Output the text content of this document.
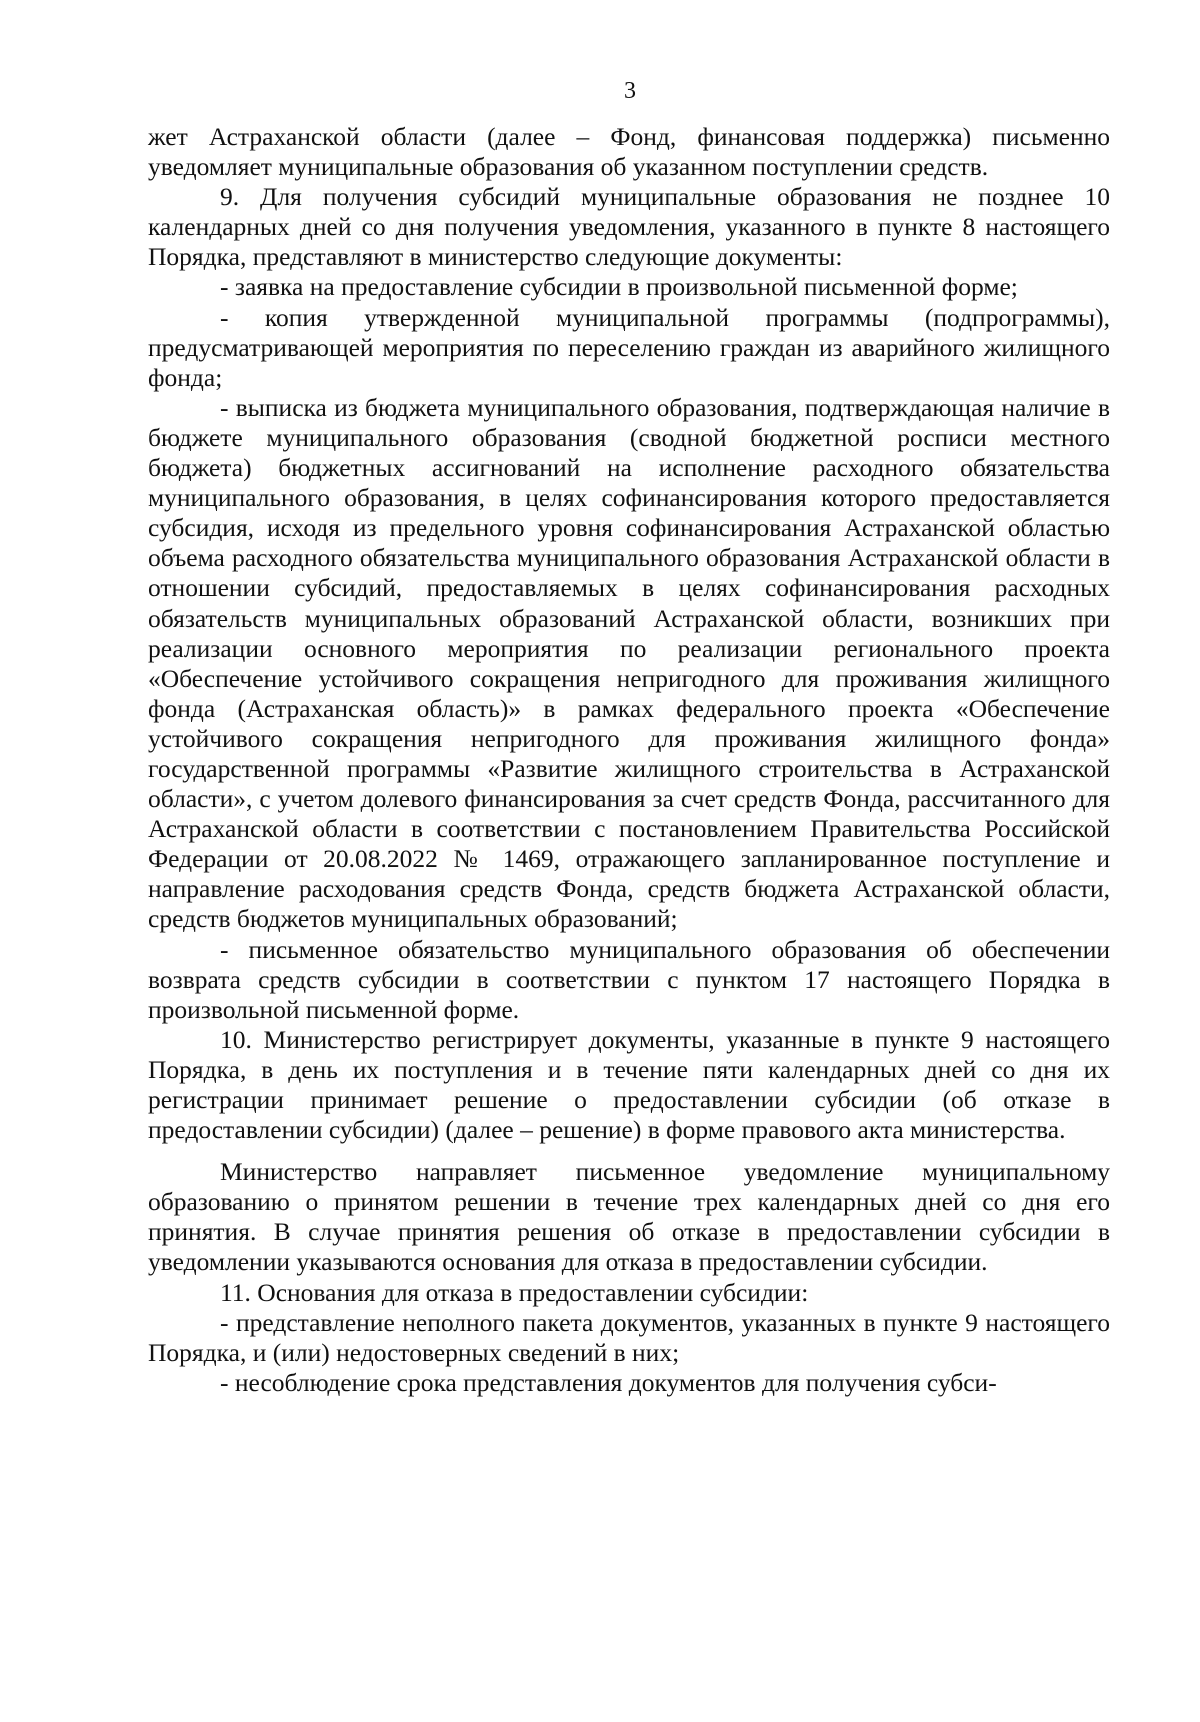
3

жет Астраханской области (далее – Фонд, финансовая поддержка) письменно уведомляет муниципальные образования об указанном поступлении средств.

9. Для получения субсидий муниципальные образования не позднее 10 календарных дней со дня получения уведомления, указанного в пункте 8 настоящего Порядка, представляют в министерство следующие документы:

- заявка на предоставление субсидии в произвольной письменной форме;

- копия утвержденной муниципальной программы (подпрограммы), предусматривающей мероприятия по переселению граждан из аварийного жилищного фонда;

- выписка из бюджета муниципального образования, подтверждающая наличие в бюджете муниципального образования (сводной бюджетной росписи местного бюджета) бюджетных ассигнований на исполнение расходного обязательства муниципального образования, в целях софинансирования которого предоставляется субсидия, исходя из предельного уровня софинансирования Астраханской областью объема расходного обязательства муниципального образования Астраханской области в отношении субсидий, предоставляемых в целях софинансирования расходных обязательств муниципальных образований Астраханской области, возникших при реализации основного мероприятия по реализации регионального проекта «Обеспечение устойчивого сокращения непригодного для проживания жилищного фонда (Астраханская область)» в рамках федерального проекта «Обеспечение устойчивого сокращения непригодного для проживания жилищного фонда» государственной программы «Развитие жилищного строительства в Астраханской области», с учетом долевого финансирования за счет средств Фонда, рассчитанного для Астраханской области в соответствии с постановлением Правительства Российской Федерации от 20.08.2022 № 1469, отражающего запланированное поступление и направление расходования средств Фонда, средств бюджета Астраханской области, средств бюджетов муниципальных образований;

- письменное обязательство муниципального образования об обеспечении возврата средств субсидии в соответствии с пунктом 17 настоящего Порядка в произвольной письменной форме.

10. Министерство регистрирует документы, указанные в пункте 9 настоящего Порядка, в день их поступления и в течение пяти календарных дней со дня их регистрации принимает решение о предоставлении субсидии (об отказе в предоставлении субсидии) (далее – решение) в форме правового акта министерства.

Министерство направляет письменное уведомление муниципальному образованию о принятом решении в течение трех календарных дней со дня его принятия. В случае принятия решения об отказе в предоставлении субсидии в уведомлении указываются основания для отказа в предоставлении субсидии.

11. Основания для отказа в предоставлении субсидии:

- представление неполного пакета документов, указанных в пункте 9 настоящего Порядка, и (или) недостоверных сведений в них;

- несоблюдение срока представления документов для получения субси-
